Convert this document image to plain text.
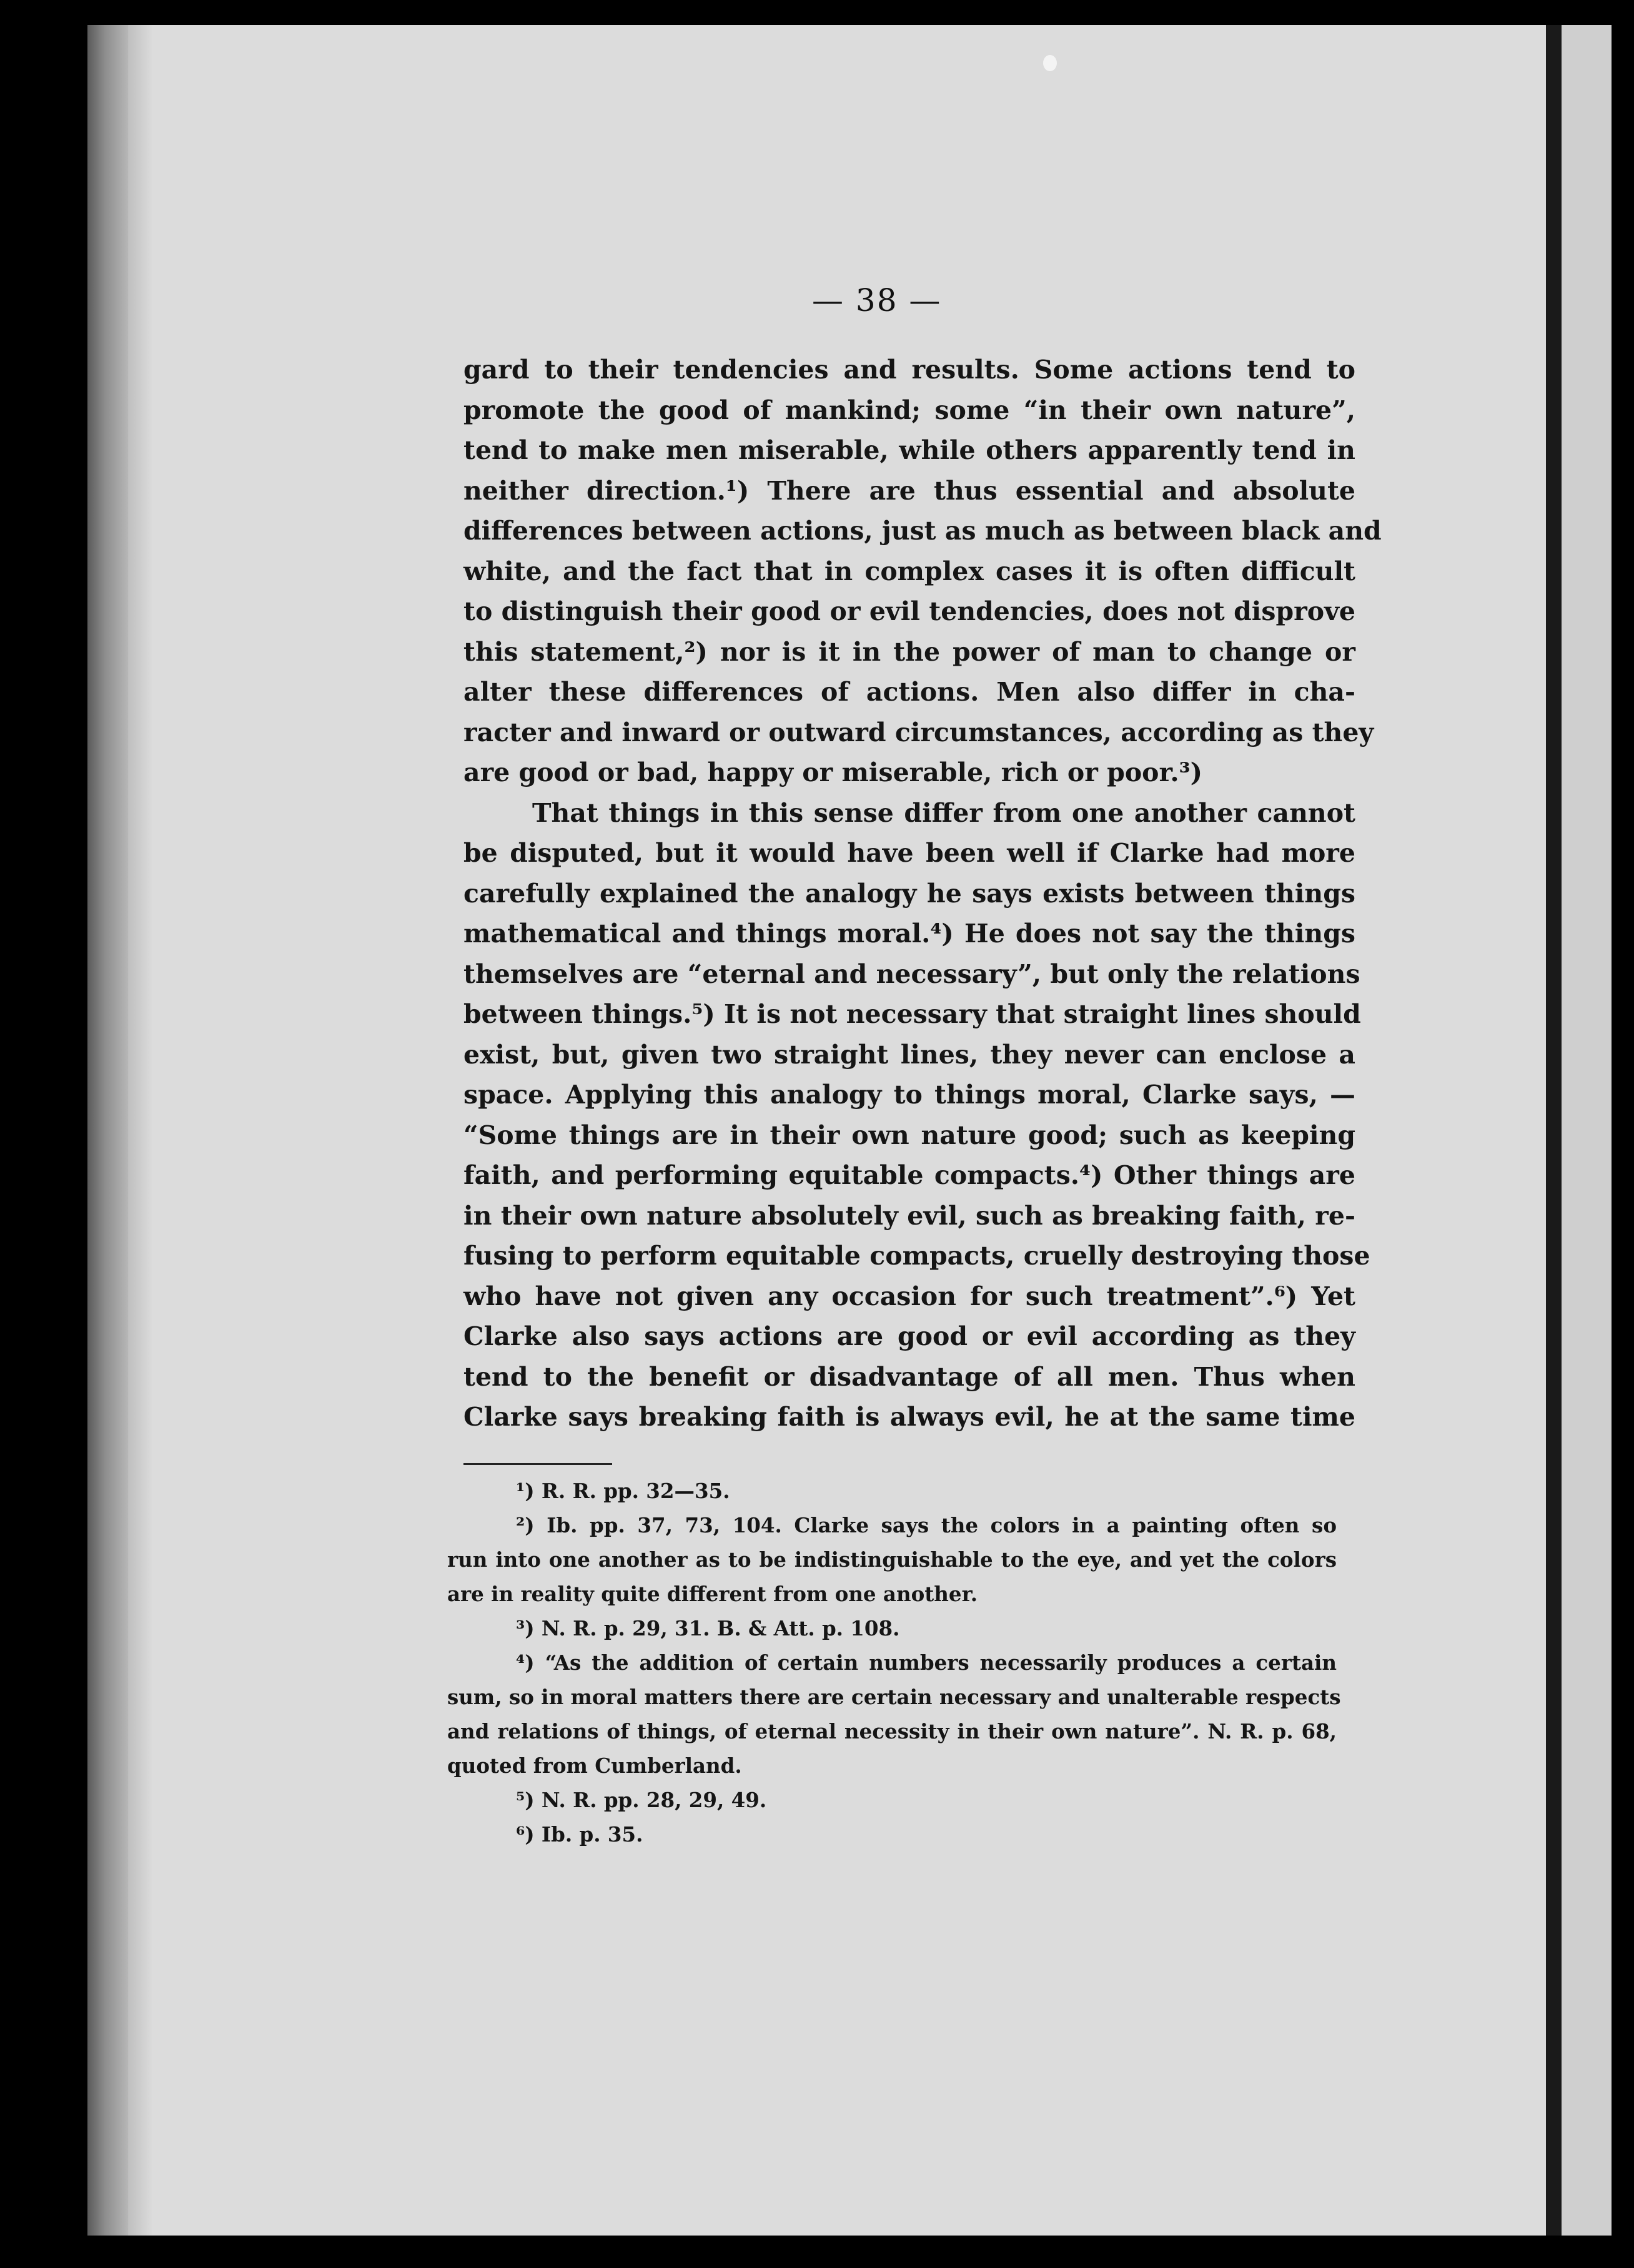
— 38 —
gard to their tendencies and results. Some actions tend to
promote the good of mankind; some “in their own nature”,
tend to make men miserable, while others apparently tend in
neither direction.¹) There are thus essential and absolute
differences between actions, just as much as between black and
white, and the fact that in complex cases it is often difficult
to distinguish their good or evil tendencies, does not disprove
this statement,²) nor is it in the power of man to change or
alter these differences of actions. Men also differ in cha-
racter and inward or outward circumstances, according as they
are good or bad, happy or miserable, rich or poor.³)
That things in this sense differ from one another cannot
be disputed, but it would have been well if Clarke had more
carefully explained the analogy he says exists between things
mathematical and things moral.⁴) He does not say the things
themselves are “eternal and necessary”, but only the relations
between things.⁵) It is not necessary that straight lines should
exist, but, given two straight lines, they never can enclose a
space. Applying this analogy to things moral, Clarke says, —
“Some things are in their own nature good; such as keeping
faith, and performing equitable compacts.⁴) Other things are
in their own nature absolutely evil, such as breaking faith, re-
fusing to perform equitable compacts, cruelly destroying those
who have not given any occasion for such treatment”.⁶) Yet
Clarke also says actions are good or evil according as they
tend to the benefit or disadvantage of all men. Thus when
Clarke says breaking faith is always evil, he at the same time
¹) R. R. pp. 32—35.
²) Ib. pp. 37, 73, 104. Clarke says the colors in a painting often so
run into one another as to be indistinguishable to the eye, and yet the colors
are in reality quite different from one another.
³) N. R. p. 29, 31. B. & Att. p. 108.
⁴) “As the addition of certain numbers necessarily produces a certain
sum, so in moral matters there are certain necessary and unalterable respects
and relations of things, of eternal necessity in their own nature”. N. R. p. 68,
quoted from Cumberland.
⁵) N. R. pp. 28, 29, 49.
⁶) Ib. p. 35.
